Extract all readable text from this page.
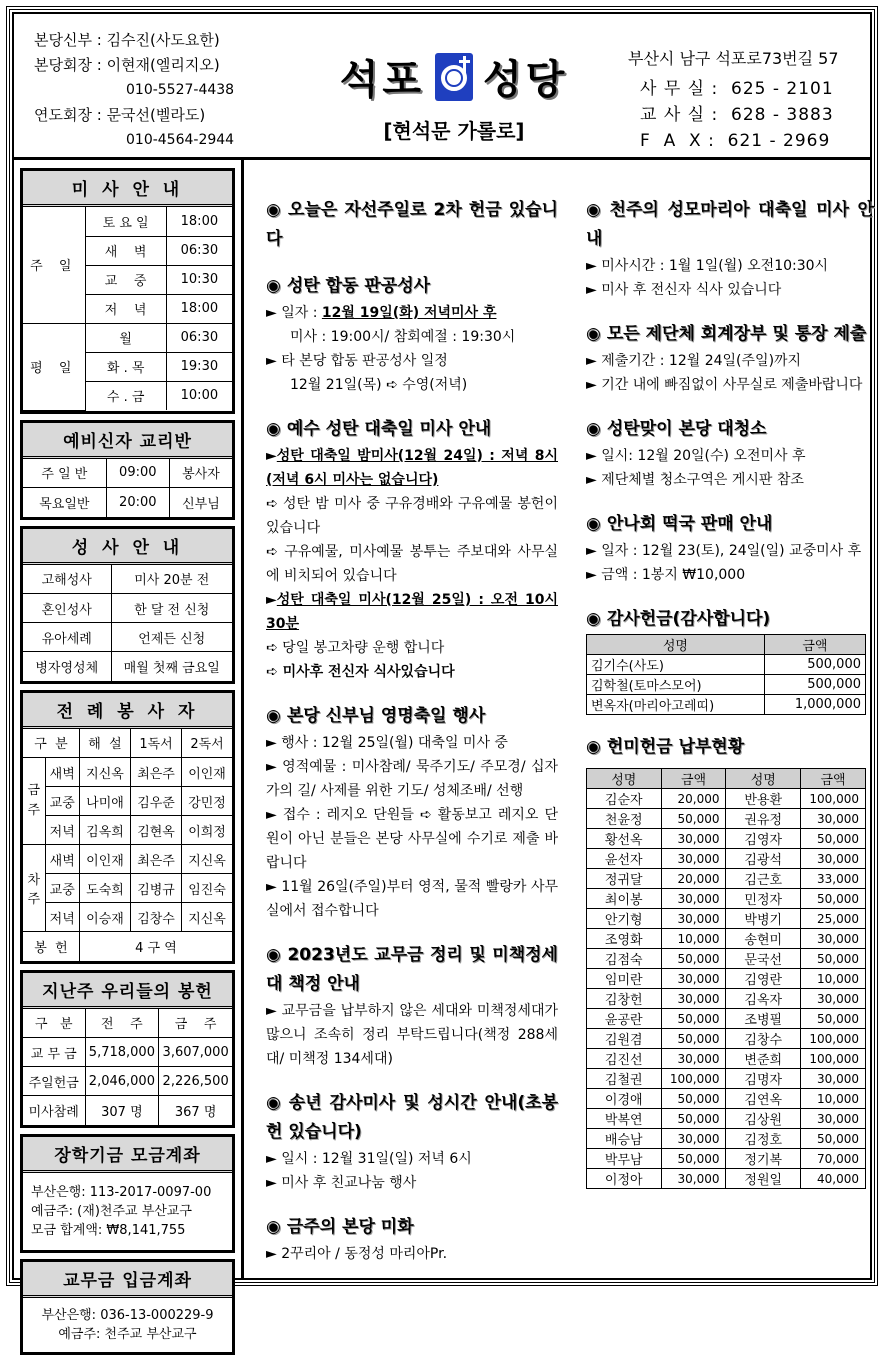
본당신부 : 김수진(사도요한)
본당회장 : 이현재(엘리지오)
010-5527-4438
연도회장 : 문국선(벨라도)
010-4564-2944
석포 성당
[현석문 가롤로]
부산시 남구 석포로73번길 57
사 무 실 :  625 - 2101
교 사 실 :  628 - 3883
F  A  X :  621 - 2969
미 사 안 내
주 일	토 요 일	18:00
	새    벽	06:30
	교    중	10:30
	저    녁	18:00
평 일	월	06:30
	화 . 목	19:30
	수 . 금	10:00
예비신자 교리반
주 일 반	09:00	봉사자
목요일반	20:00	신부님
성 사 안 내
고해성사	미사 20분 전
혼인성사	한 달 전 신청
유아세례	언제든 신청
병자영성체	매월 첫째 금요일
전 례 봉 사 자
구  분		해  설	1독서	2독서
금주	새벽	지신옥	최은주	이인재
	교중	나미애	김우준	강민정
	저녁	김옥희	김현옥	이희정
차주	새벽	이인재	최은주	지신옥
	교중	도숙희	김병규	임진숙
	저녁	이승재	김창수	지신옥
봉  헌		4 구 역		
지난주 우리들의 봉헌
구   분	전    주	금    주
교 무 금	5,718,000	3,607,000
주일헌금	2,046,000	2,226,500
미사참례	307 명	367 명
장학기금 모금계좌
부산은행: 113-2017-0097-00
예금주: (재)천주교 부산교구
모금 합계액: ₩8,141,755
교무금 입금계좌
부산은행: 036-13-000229-9
예금주: 천주교 부산교구
◉ 오늘은 자선주일로 2차 헌금 있습니다
◉ 성탄 합동 판공성사
► 일자 : 12월 19일(화) 저녁미사 후
미사 : 19:00시/ 참회예절 : 19:30시
► 타 본당 합동 판공성사 일정
12월 21일(목) ➪ 수영(저녁)
◉ 예수 성탄 대축일 미사 안내
►성탄 대축일 밤미사(12월 24일) : 저녁 8시(저녁 6시 미사는 없습니다)
➪ 성탄 밤 미사 중 구유경배와 구유예물 봉헌이 있습니다
➪ 구유예물, 미사예물 봉투는 주보대와 사무실에 비치되어 있습니다
►성탄 대축일 미사(12월 25일) : 오전 10시 30분
➪ 당일 봉고차량 운행 합니다
➪ 미사후 전신자 식사있습니다
◉ 본당 신부님 영명축일 행사
► 행사 : 12월 25일(월) 대축일 미사 중
► 영적예물 : 미사참례/ 묵주기도/ 주모경/ 십자가의 길/ 사제를 위한 기도/ 성체조배/ 선행
► 접수 : 레지오 단원들 ➪ 활동보고 레지오 단원이 아닌 분들은 본당 사무실에 수기로 제출 바랍니다
► 11월 26일(주일)부터 영적, 물적 빨랑카 사무실에서 접수합니다
◉ 2023년도 교무금 정리 및 미책정세대 책정 안내
► 교무금을 납부하지 않은 세대와 미책정세대가 많으니 조속히 정리 부탁드립니다(책정 288세대/ 미책정 134세대)
◉ 송년 감사미사 및 성시간 안내(초봉헌 있습니다)
► 일시 : 12월 31일(일) 저녁 6시
► 미사 후 친교나눔 행사
◉ 금주의 본당 미화
► 2꾸리아 / 동정성 마리아Pr.
◉ 천주의 성모마리아 대축일 미사 안내
► 미사시간 : 1월 1일(월) 오전10:30시
► 미사 후 전신자 식사 있습니다
◉ 모든 제단체 회계장부 및 통장 제출
► 제출기간 : 12월 24일(주일)까지
► 기간 내에 빠짐없이 사무실로 제출바랍니다
◉ 성탄맞이 본당 대청소
► 일시: 12월 20일(수) 오전미사 후
► 제단체별 청소구역은 게시판 참조
◉ 안나회 떡국 판매 안내
► 일자 : 12월 23(토), 24일(일) 교중미사 후
► 금액 : 1봉지 ₩10,000
◉ 감사헌금(감사합니다)
성명	금액
김기수(사도)	500,000
김학철(토마스모어)	500,000
변옥자(마리아고레띠)	1,000,000
◉ 헌미헌금 납부현황
성명	금액	성명	금액
김순자	20,000	반용환	100,000
천윤정	50,000	권유정	30,000
황선옥	30,000	김영자	50,000
윤선자	30,000	김광석	30,000
정귀달	20,000	김근호	33,000
최이봉	30,000	민정자	50,000
안기형	30,000	박병기	25,000
조영화	10,000	송현미	30,000
김점숙	50,000	문국선	50,000
임미란	30,000	김영란	10,000
김창헌	30,000	김옥자	30,000
윤공란	50,000	조병필	50,000
김원겸	50,000	김창수	100,000
김진선	30,000	변준희	100,000
김철권	100,000	김명자	30,000
이경애	50,000	김연옥	10,000
박복연	50,000	김상원	30,000
배승남	30,000	김정호	50,000
박무남	50,000	정기복	70,000
이정아	30,000	정원일	40,000
